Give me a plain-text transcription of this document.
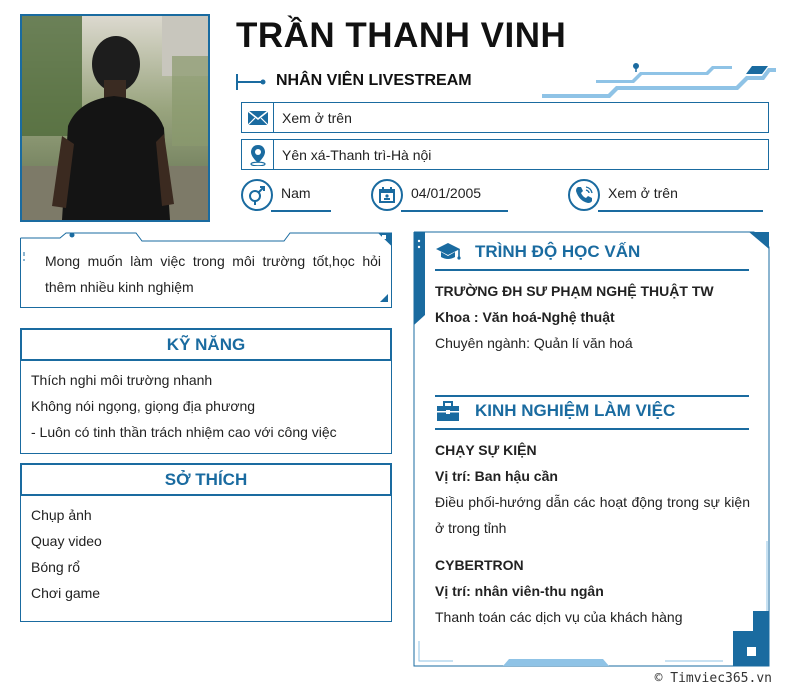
TRẦN THANH VINH
NHÂN VIÊN LIVESTREAM
Xem ở trên
Yên xá-Thanh trì-Hà nội
Nam	04/01/2005	Xem ở trên
Mong muốn làm việc trong môi trường tốt,học hỏi thêm nhiều kinh nghiệm
KỸ NĂNG
Thích nghi môi trường nhanh
Không nói ngọng, giọng địa phương
- Luôn có tinh thần trách nhiệm cao với công việc
SỞ THÍCH
Chụp ảnh
Quay video
Bóng rổ
Chơi game
TRÌNH ĐỘ HỌC VẤN
TRƯỜNG ĐH SƯ PHẠM NGHỆ THUẬT TW
Khoa : Văn hoá-Nghệ thuật
Chuyên ngành: Quản lí văn hoá
KINH NGHIỆM LÀM VIỆC
CHẠY SỰ KIỆN
Vị trí: Ban hậu cần
Điều phối-hướng dẫn các hoạt động trong sự kiện ở trong tỉnh
CYBERTRON
Vị trí: nhân viên-thu ngân
Thanh toán các dịch vụ của khách hàng
© Timviec365.vn
